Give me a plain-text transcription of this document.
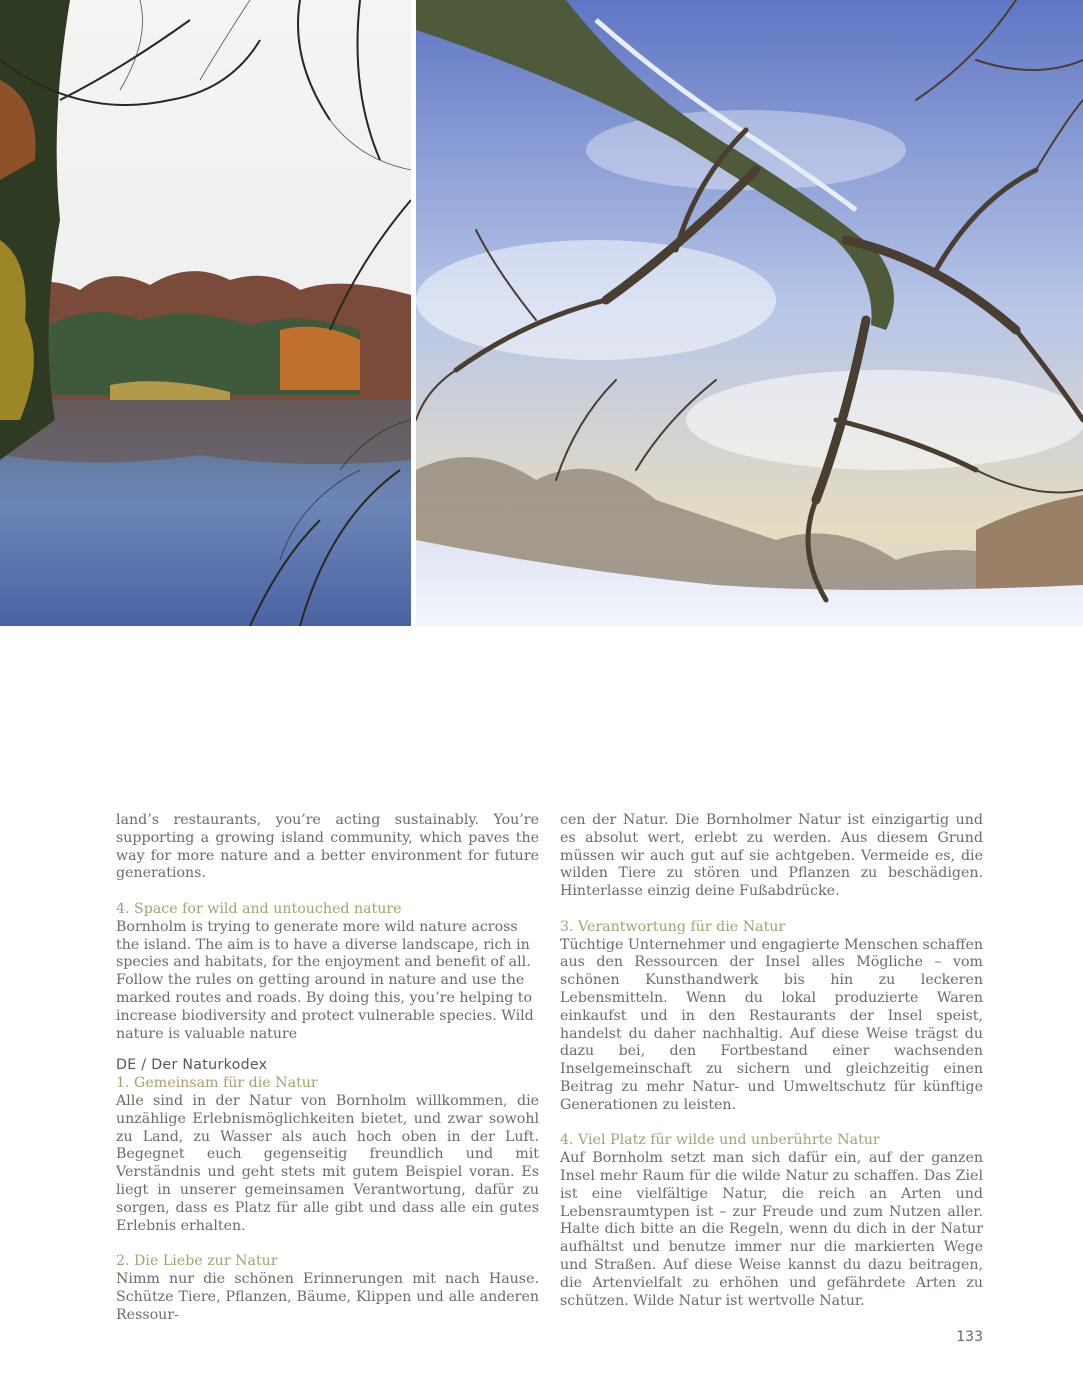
land’s restaurants, you’re acting sustainably. You’re supporting a growing island community, which paves the way for more nature and a better environment for future generations.

4. Space for wild and untouched nature

Bornholm is trying to generate more wild nature across the island. The aim is to have a diverse landscape, rich in species and habitats, for the enjoyment and benefit of all. Follow the rules on getting around in nature and use the marked routes and roads. By doing this, you’re helping to increase biodiversity and protect vulnerable species. Wild nature is valuable nature

DE / Der Naturkodex
1. Gemeinsam für die Natur

Alle sind in der Natur von Bornholm willkommen, die unzählige Erlebnismöglichkeiten bietet, und zwar sowohl zu Land, zu Wasser als auch hoch oben in der Luft. Begegnet euch gegenseitig freundlich und mit Verständnis und geht stets mit gutem Beispiel voran. Es liegt in unserer gemeinsamen Verantwortung, dafür zu sorgen, dass es Platz für alle gibt und dass alle ein gutes Erlebnis erhalten.

2. Die Liebe zur Natur

Nimm nur die schönen Erinnerungen mit nach Hause. Schütze Tiere, Pflanzen, Bäume, Klippen und alle anderen Ressour-

cen der Natur. Die Bornholmer Natur ist einzigartig und es absolut wert, erlebt zu werden. Aus diesem Grund müssen wir auch gut auf sie achtgeben. Vermeide es, die wilden Tiere zu stören und Pflanzen zu beschädigen. Hinterlasse einzig deine Fußabdrücke.

3. Verantwortung für die Natur

Tüchtige Unternehmer und engagierte Menschen schaffen aus den Ressourcen der Insel alles Mögliche – vom schönen Kunsthandwerk bis hin zu leckeren Lebensmitteln. Wenn du lokal produzierte Waren einkaufst und in den Restaurants der Insel speist, handelst du daher nachhaltig. Auf diese Weise trägst du dazu bei, den Fortbestand einer wachsenden Inselgemeinschaft zu sichern und gleichzeitig einen Beitrag zu mehr Natur- und Umweltschutz für künftige Generationen zu leisten.

4. Viel Platz für wilde und unberührte Natur

Auf Bornholm setzt man sich dafür ein, auf der ganzen Insel mehr Raum für die wilde Natur zu schaffen. Das Ziel ist eine vielfältige Natur, die reich an Arten und Lebensraumtypen ist – zur Freude und zum Nutzen aller. Halte dich bitte an die Regeln, wenn du dich in der Natur aufhältst und benutze immer nur die markierten Wege und Straßen. Auf diese Weise kannst du dazu beitragen, die Artenvielfalt zu erhöhen und gefährdete Arten zu schützen. Wilde Natur ist wertvolle Natur.

133
